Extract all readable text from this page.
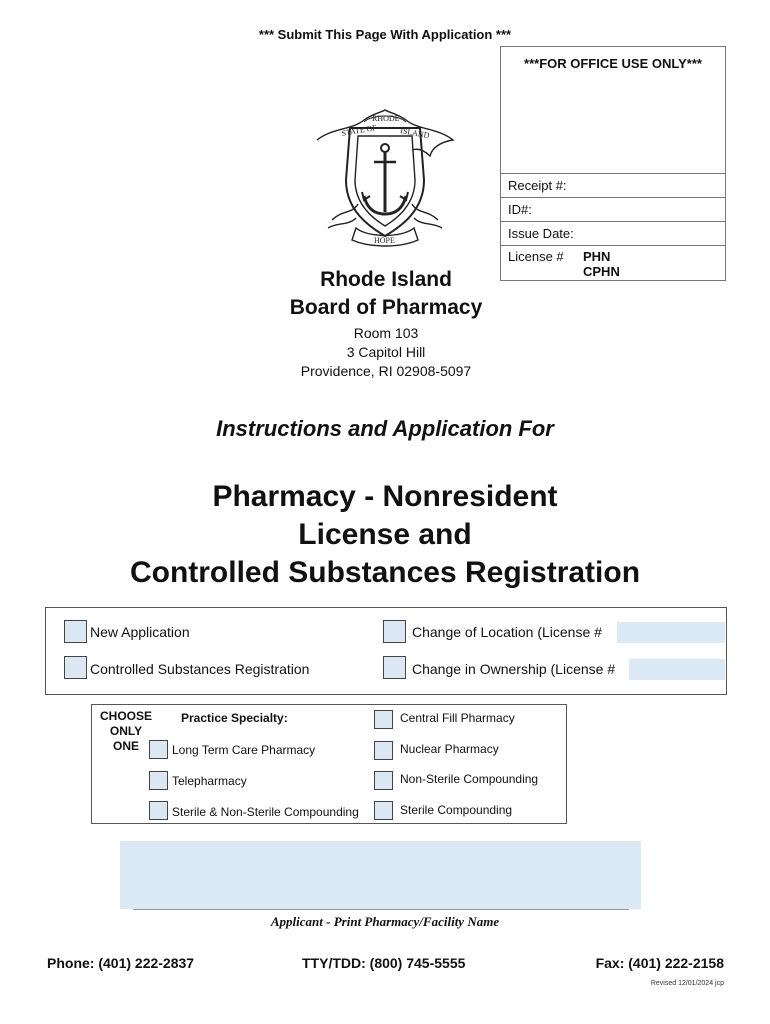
*** Submit This Page With Application ***
***FOR OFFICE USE ONLY***
Receipt #:
ID#:
Issue Date:
License # PHN
CPHN
RHODE
STATE OF	ISLAND
HOPE
Rhode Island
Board of Pharmacy
Room 103
3 Capitol Hill
Providence, RI 02908-5097
Instructions and Application For
Pharmacy - Nonresident
License and
Controlled Substances Registration
New Application
Controlled Substances Registration
Change of Location (License #
Change in Ownership (License #
CHOOSE
ONLY
ONE
Practice Specialty:
Long Term Care Pharmacy
Telepharmacy
Sterile & Non-Sterile Compounding
Central Fill Pharmacy
Nuclear Pharmacy
Non-Sterile Compounding
Sterile Compounding
Applicant - Print Pharmacy/Facility Name
Phone: (401) 222-2837	TTY/TDD: (800) 745-5555	Fax: (401) 222-2158
Revised 12/01/2024 jcp
